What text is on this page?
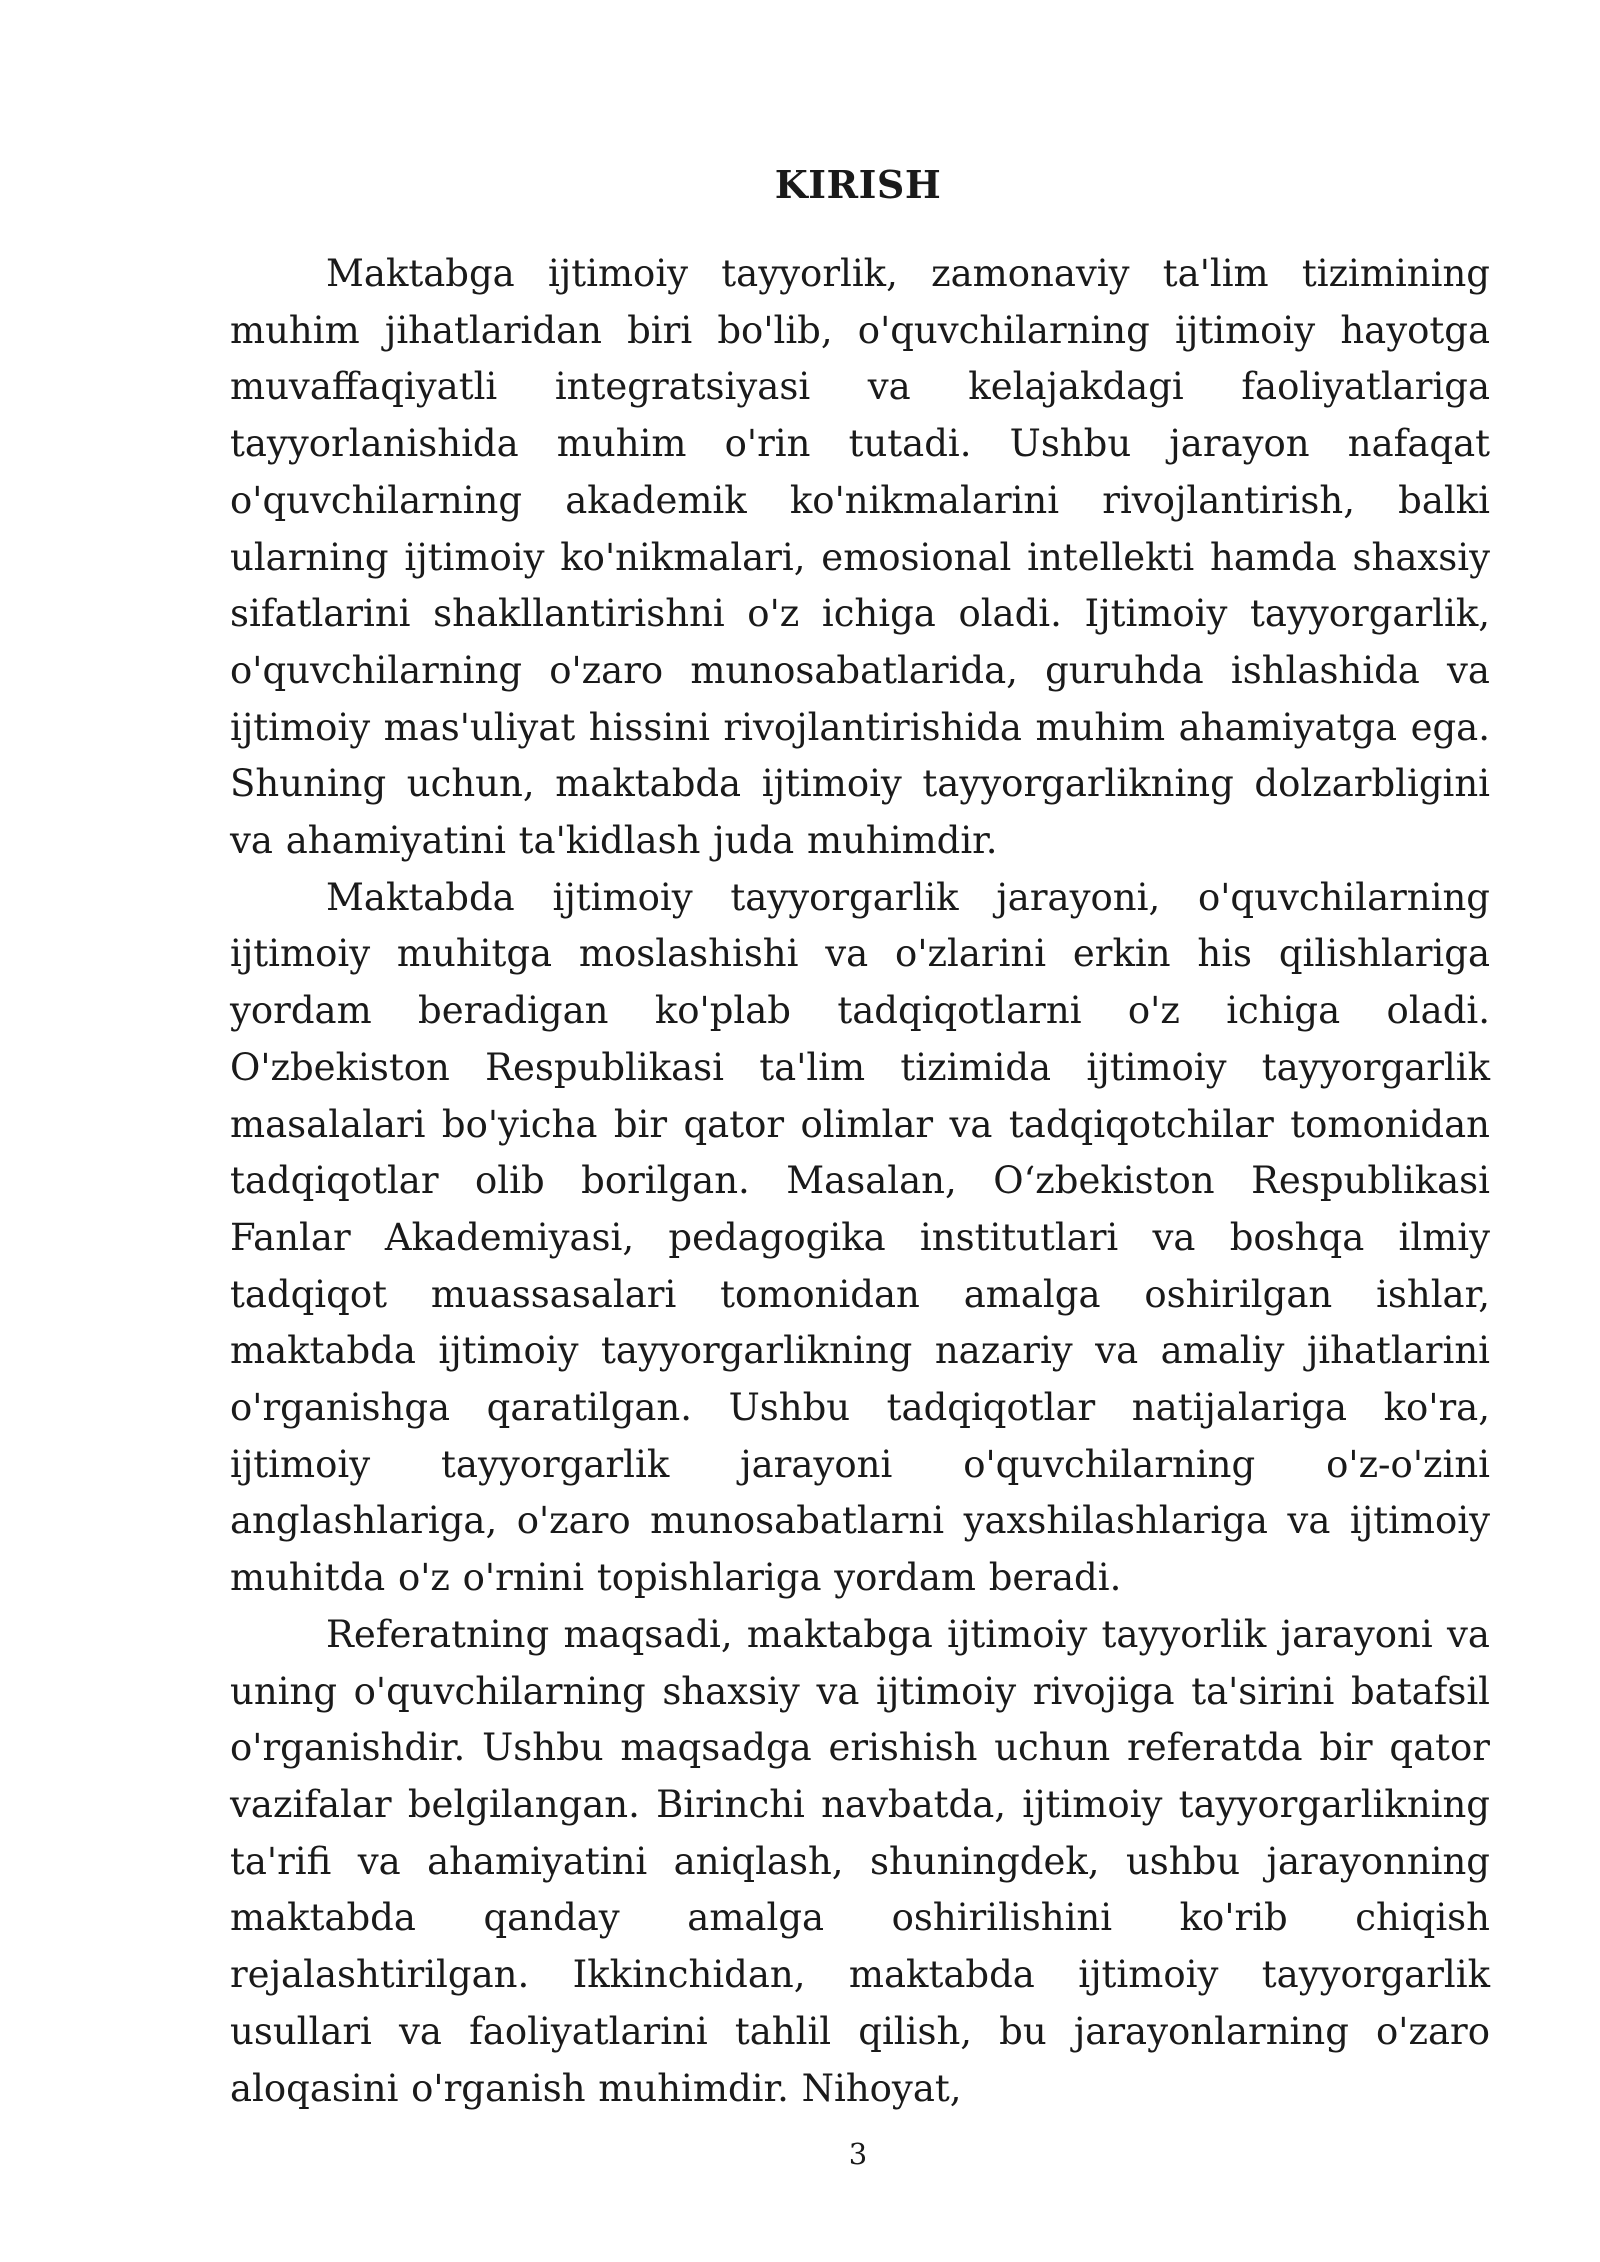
KIRISH

Maktabga ijtimoiy tayyorlik, zamonaviy ta'lim tizimining muhim jihatlaridan biri bo'lib, o'quvchilarning ijtimoiy hayotga muvaffaqiyatli integratsiyasi va kelajakdagi faoliyatlariga tayyorlanishida muhim o'rin tutadi. Ushbu jarayon nafaqat o'quvchilarning akademik ko'nikmalarini rivojlantirish, balki ularning ijtimoiy ko'nikmalari, emosional intellekti hamda shaxsiy sifatlarini shakllantirishni o'z ichiga oladi. Ijtimoiy tayyorgarlik, o'quvchilarning o'zaro munosabatlarida, guruhda ishlashida va ijtimoiy mas'uliyat hissini rivojlantirishida muhim ahamiyatga ega. Shuning uchun, maktabda ijtimoiy tayyorgarlikning dolzarbligini va ahamiyatini ta'kidlash juda muhimdir.

Maktabda ijtimoiy tayyorgarlik jarayoni, o'quvchilarning ijtimoiy muhitga moslashishi va o'zlarini erkin his qilishlariga yordam beradigan ko'plab tadqiqotlarni o'z ichiga oladi. O'zbekiston Respublikasi ta'lim tizimida ijtimoiy tayyorgarlik masalalari bo'yicha bir qator olimlar va tadqiqotchilar tomonidan tadqiqotlar olib borilgan. Masalan, O‘zbekiston Respublikasi Fanlar Akademiyasi, pedagogika institutlari va boshqa ilmiy tadqiqot muassasalari tomonidan amalga oshirilgan ishlar, maktabda ijtimoiy tayyorgarlikning nazariy va amaliy jihatlarini o'rganishga qaratilgan. Ushbu tadqiqotlar natijalariga ko'ra, ijtimoiy tayyorgarlik jarayoni o'quvchilarning o'z-o'zini anglashlariga, o'zaro munosabatlarni yaxshilashlariga va ijtimoiy muhitda o'z o'rnini topishlariga yordam beradi.

Referatning maqsadi, maktabga ijtimoiy tayyorlik jarayoni va uning o'quvchilarning shaxsiy va ijtimoiy rivojiga ta'sirini batafsil o'rganishdir. Ushbu maqsadga erishish uchun referatda bir qator vazifalar belgilangan. Birinchi navbatda, ijtimoiy tayyorgarlikning ta'rifi va ahamiyatini aniqlash, shuningdek, ushbu jarayonning maktabda qanday amalga oshirilishini ko'rib chiqish rejalashtirilgan. Ikkinchidan, maktabda ijtimoiy tayyorgarlik usullari va faoliyatlarini tahlil qilish, bu jarayonlarning o'zaro aloqasini o'rganish muhimdir. Nihoyat,

3
